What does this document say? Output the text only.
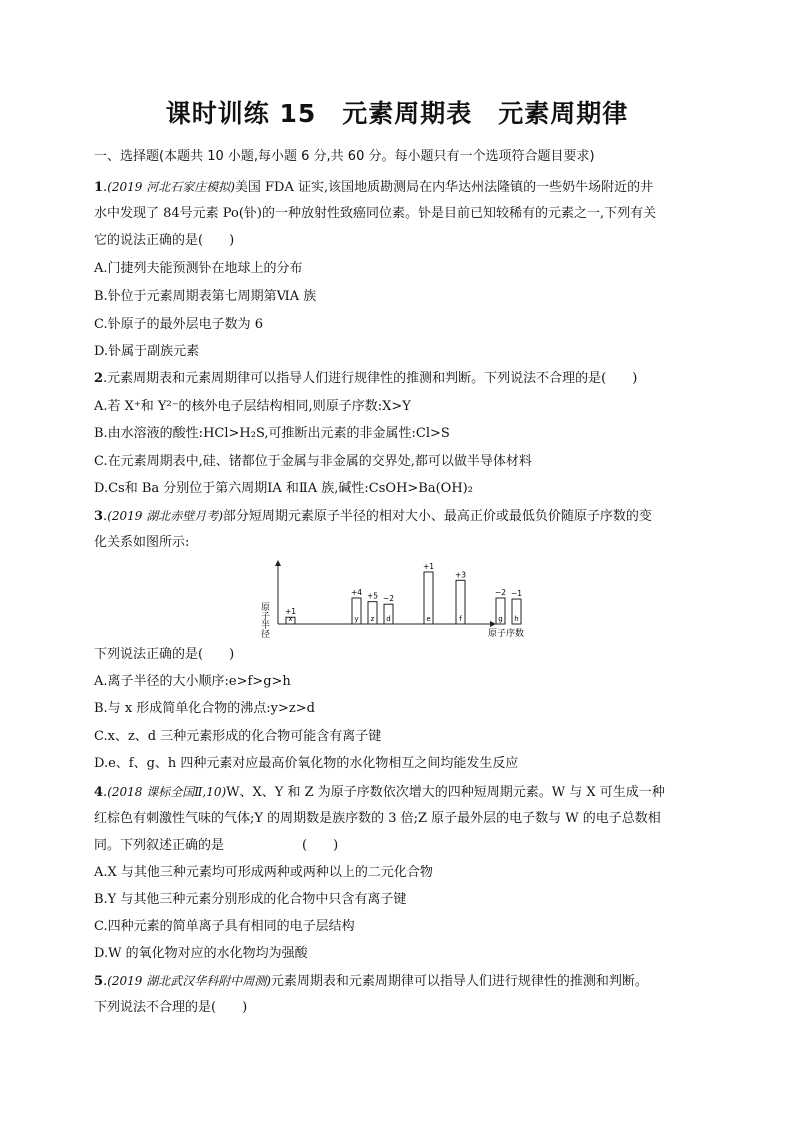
课时训练 15　元素周期表　元素周期律
一、选择题(本题共 10 小题,每小题 6 分,共 60 分。每小题只有一个选项符合题目要求)
1.(2019 河北石家庄模拟)美国 FDA 证实,该国地质勘测局在内华达州法隆镇的一些奶牛场附近的井
水中发现了 84号元素 Po(钋)的一种放射性致癌同位素。钋是目前已知较稀有的元素之一,下列有关
它的说法正确的是(　　)
A.门捷列夫能预测钋在地球上的分布
B.钋位于元素周期表第七周期第ⅥA 族
C.钋原子的最外层电子数为 6
D.钋属于副族元素
2.元素周期表和元素周期律可以指导人们进行规律性的推测和判断。下列说法不合理的是(　　)
A.若 X⁺和 Y²⁻的核外电子层结构相同,则原子序数:X>Y
B.由水溶液的酸性:HCl>H₂S,可推断出元素的非金属性:Cl>S
C.在元素周期表中,硅、锗都位于金属与非金属的交界处,都可以做半导体材料
D.Cs和 Ba 分别位于第六周期ⅠA 和ⅡA 族,碱性:CsOH>Ba(OH)₂
3.(2019 湖北赤壁月考)部分短周期元素原子半径的相对大小、最高正价或最低负价随原子序数的变
化关系如图所示:
原子半径	原子序数
x
+1
y
+4
z
+5
d
−2
e
+1
f
+3
g
−2
h
−1
下列说法正确的是(　　)
A.离子半径的大小顺序:e>f>g>h
B.与 x 形成简单化合物的沸点:y>z>d
C.x、z、d 三种元素形成的化合物可能含有离子键
D.e、f、g、h 四种元素对应最高价氧化物的水化物相互之间均能发生反应
4.(2018 课标全国Ⅱ,10)W、X、Y 和 Z 为原子序数依次增大的四种短周期元素。W 与 X 可生成一种
红棕色有刺激性气味的气体;Y 的周期数是族序数的 3 倍;Z 原子最外层的电子数与 W 的电子总数相
同。下列叙述正确的是　　　　　　(　　)
A.X 与其他三种元素均可形成两种或两种以上的二元化合物
B.Y 与其他三种元素分别形成的化合物中只含有离子键
C.四种元素的简单离子具有相同的电子层结构
D.W 的氧化物对应的水化物均为强酸
5.(2019 湖北武汉华科附中周测)元素周期表和元素周期律可以指导人们进行规律性的推测和判断。
下列说法不合理的是(　　)
